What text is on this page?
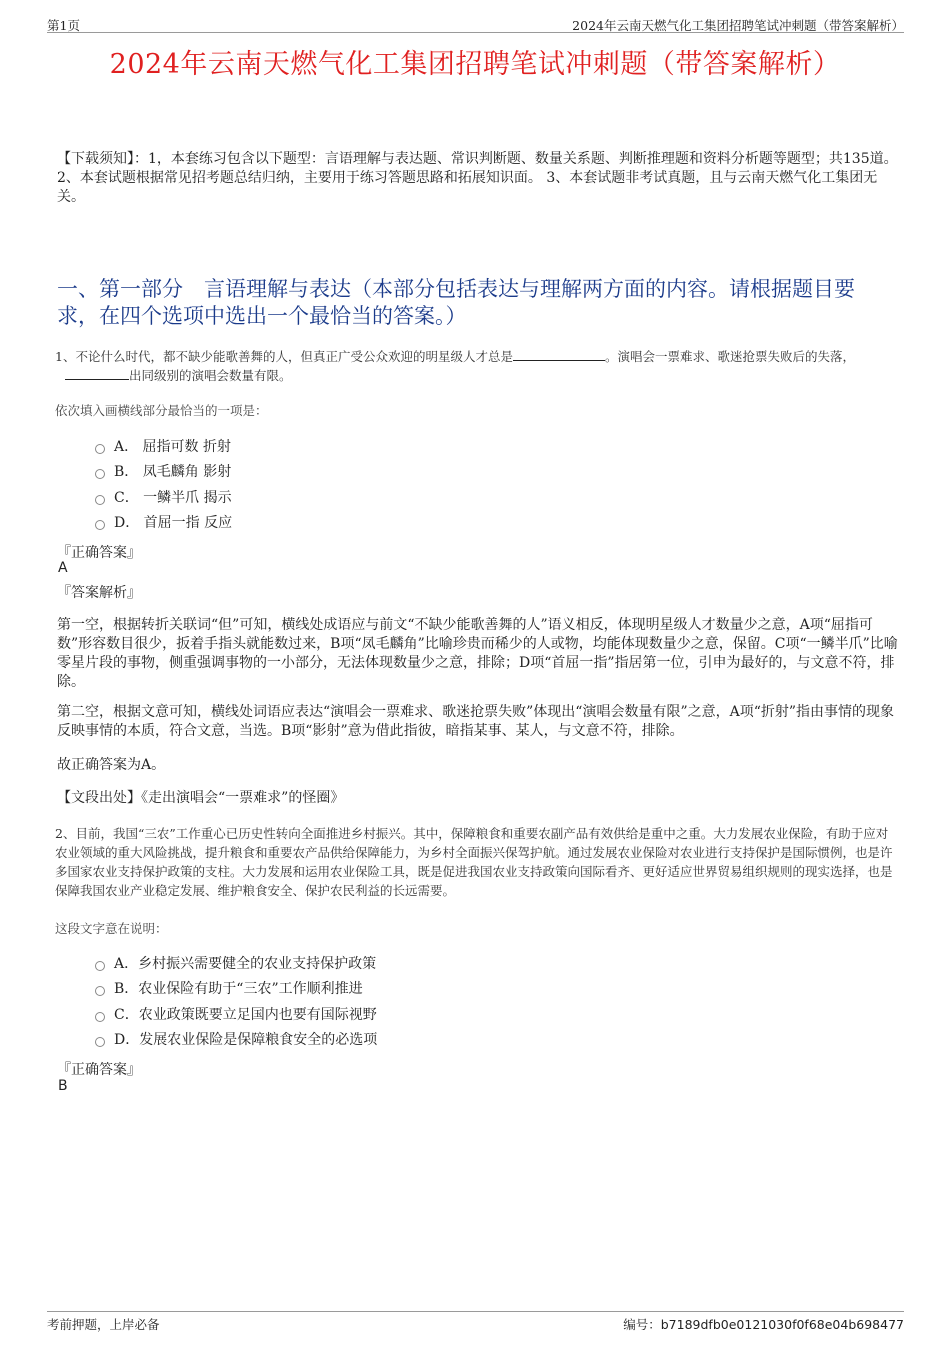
第1页	2024年云南天燃气化工集团招聘笔试冲刺题（带答案解析）
2024年云南天燃气化工集团招聘笔试冲刺题（带答案解析）
【下载须知】：1，本套练习包含以下题型：言语理解与表达题、常识判断题、数量关系题、判断推理题和资料分析题等题型；共135道。 2、本套试题根据常见招考题总结归纳，主要用于练习答题思路和拓展知识面。 3、本套试题非考试真题，且与云南天燃气化工集团无关。
一、第一部分　言语理解与表达（本部分包括表达与理解两方面的内容。请根据题目要求，在四个选项中选出一个最恰当的答案。）
1、不论什么时代，都不缺少能歌善舞的人，但真正广受公众欢迎的明星级人才总是	。演唱会一票难求、歌迷抢票失败后的失落，出同级别的演唱会数量有限。
依次填入画横线部分最恰当的一项是：
A． 屈指可数 折射
B． 凤毛麟角 影射
C． 一鳞半爪 揭示
D． 首屈一指 反应
『正确答案』
A
『答案解析』
第一空，根据转折关联词“但”可知，横线处成语应与前文“不缺少能歌善舞的人”语义相反，体现明星级人才数量少之意，A项“屈指可数”形容数目很少，扳着手指头就能数过来，B项“凤毛麟角”比喻珍贵而稀少的人或物，均能体现数量少之意，保留。C项“一鳞半爪”比喻零星片段的事物，侧重强调事物的一小部分，无法体现数量少之意，排除；D项“首屈一指”指居第一位，引申为最好的，与文意不符，排除。
第二空，根据文意可知，横线处词语应表达“演唱会一票难求、歌迷抢票失败”体现出“演唱会数量有限”之意，A项“折射”指由事情的现象反映事情的本质，符合文意，当选。B项“影射”意为借此指彼，暗指某事、某人，与文意不符，排除。
故正确答案为A。
【文段出处】《走出演唱会“一票难求”的怪圈》
2、目前，我国“三农”工作重心已历史性转向全面推进乡村振兴。其中，保障粮食和重要农副产品有效供给是重中之重。大力发展农业保险，有助于应对农业领域的重大风险挑战，提升粮食和重要农产品供给保障能力，为乡村全面振兴保驾护航。通过发展农业保险对农业进行支持保护是国际惯例，也是许多国家农业支持保护政策的支柱。大力发展和运用农业保险工具，既是促进我国农业支持政策向国际看齐、更好适应世界贸易组织规则的现实选择，也是保障我国农业产业稳定发展、维护粮食安全、保护农民利益的长远需要。
这段文字意在说明：
A．乡村振兴需要健全的农业支持保护政策
B．农业保险有助于“三农”工作顺利推进
C．农业政策既要立足国内也要有国际视野
D．发展农业保险是保障粮食安全的必选项
『正确答案』
B
考前押题，上岸必备	编号：b7189dfb0e0121030f0f68e04b698477
